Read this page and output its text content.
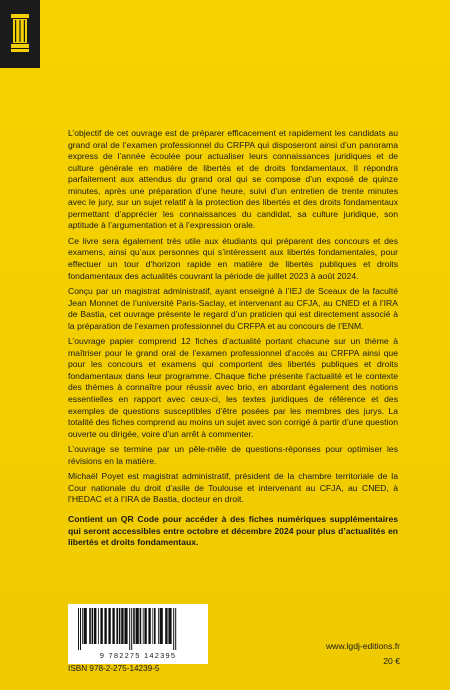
L’objectif de cet ouvrage est de préparer efficacement et rapidement les candidats au grand oral de l’examen professionnel du CRFPA qui disposeront ainsi d’un panorama express de l’année écoulée pour actualiser leurs connaissances juridiques et de culture générale en matière de libertés et de droits fondamentaux. Il répondra parfaitement aux attendus du grand oral qui se compose d’un exposé de quinze minutes, après une préparation d’une heure, suivi d’un entretien de trente minutes avec le jury, sur un sujet relatif à la protection des libertés et des droits fondamentaux permettant d’apprécier les connaissances du candidat, sa culture juridique, son aptitude à l’argumentation et à l’expression orale.

Ce livre sera également très utile aux étudiants qui préparent des concours et des examens, ainsi qu’aux personnes qui s’intéressent aux libertés fondamentales, pour effectuer un tour d’horizon rapide en matière de libertés publiques et droits fondamentaux des actualités couvrant la période de juillet 2023 à août 2024.

Conçu par un magistrat administratif, ayant enseigné à l’IEJ de Sceaux de la faculté Jean Monnet de l’université Paris-Saclay, et intervenant au CFJA, au CNED et à l’IRA de Bastia, cet ouvrage présente le regard d’un praticien qui est directement associé à la préparation de l’examen professionnel du CRFPA et au concours de l’ENM.

L’ouvrage papier comprend 12 fiches d’actualité portant chacune sur un thème à maîtriser pour le grand oral de l’examen professionnel d’accès au CRFPA ainsi que pour les concours et examens qui comportent des libertés publiques et droits fondamentaux dans leur programme. Chaque fiche présente l’actualité et le contexte des thèmes à connaître pour réussir avec brio, en abordant également des notions essentielles en rapport avec ceux-ci, les textes juridiques de référence et des exemples de questions susceptibles d’être posées par les membres des jurys. La totalité des fiches comprend au moins un sujet avec son corrigé à partir d’une question ouverte ou dirigée, voire d’un arrêt à commenter.

L’ouvrage se termine par un pêle-mêle de questions-réponses pour optimiser les révisions en la matière.

Michaël Poyet est magistrat administratif, président de la chambre territoriale de la Cour nationale du droit d’asile de Toulouse et intervenant au CFJA, au CNED, à l’HEDAC et à l’IRA de Bastia, docteur en droit.

Contient un QR Code pour accéder à des fiches numériques supplémentaires qui seront accessibles entre octobre et décembre 2024 pour plus d’actualités en libertés et droits fondamentaux.

9 782275 142395
ISBN 978-2-275-14239-5
www.lgdj-editions.fr
20 €
